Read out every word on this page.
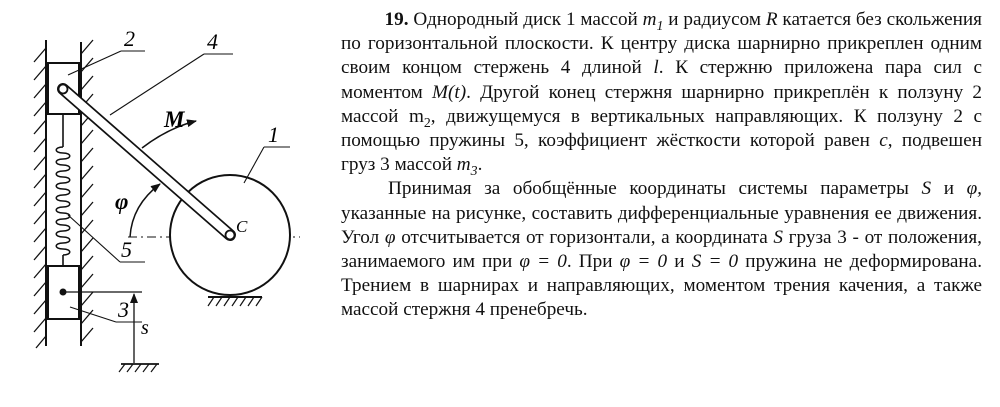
2	4
1
5
3
M
φ
C
s

19. Однородный диск 1 массой $m_1$ и радиусом R катается без скольжения по горизонтальной плоскости. К центру диска шарнирно прикреплен одним своим концом стержень 4 длиной l. К стержню приложена пара сил с моментом M(t). Другой конец стержня шарнирно прикреплён к ползуну 2 массой $m_2$, движущемуся в вертикальных направляющих. К ползуну 2 с помощью пружины 5, коэффициент жёсткости которой равен c, подвешен груз 3 массой $m_3$.

Принимая за обобщённые координаты системы параметры S и φ, указанные на рисунке, составить дифференциальные уравнения ее движения. Угол φ отсчитывается от горизонтали, а координата S груза 3 - от положения, занимаемого им при φ = 0. При φ = 0 и S = 0 пружина не деформирована. Трением в шарнирах и направляющих, моментом трения качения, а также массой стержня 4 пренебречь.
